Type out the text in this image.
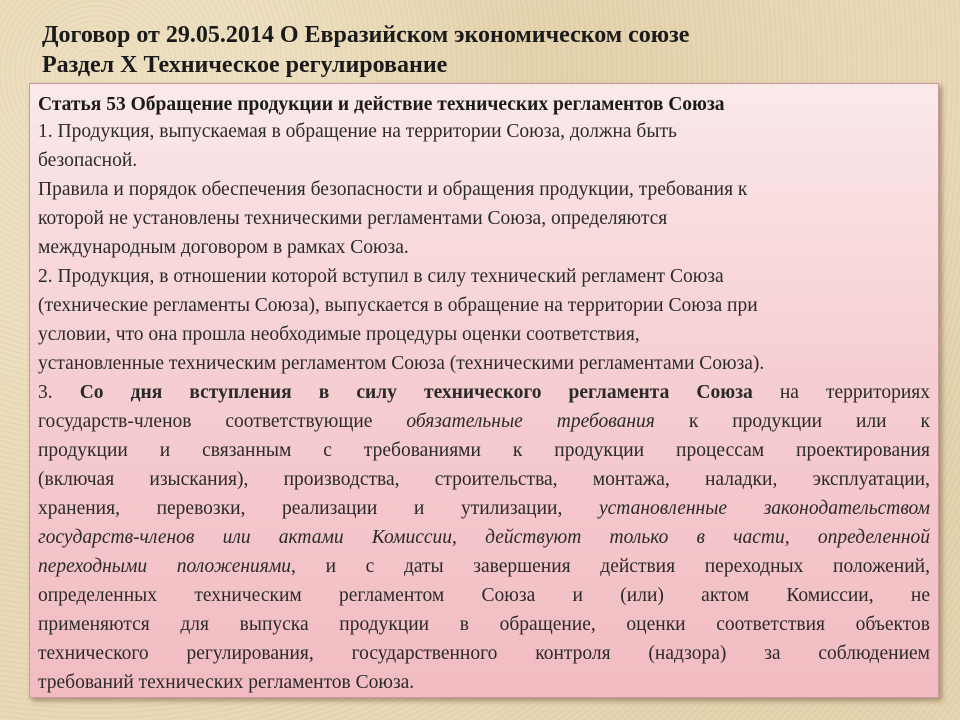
Договор от 29.05.2014 О Евразийском экономическом союзе
Раздел X Техническое регулирование
Статья 53 Обращение продукции и действие технических регламентов Союза
1. Продукция, выпускаемая в обращение на территории Союза, должна быть
безопасной.
Правила и порядок обеспечения безопасности и обращения продукции, требования к
которой не установлены техническими регламентами Союза, определяются
международным договором в рамках Союза.
2. Продукция, в отношении которой вступил в силу технический регламент Союза
(технические регламенты Союза), выпускается в обращение на территории Союза при
условии, что она прошла необходимые процедуры оценки соответствия,
установленные техническим регламентом Союза (техническими регламентами Союза).
3. Со дня вступления в силу технического регламента Союза на территориях
государств-членов соответствующие обязательные требования к продукции или к
продукции и связанным с требованиями к продукции процессам проектирования
(включая изыскания), производства, строительства, монтажа, наладки, эксплуатации,
хранения, перевозки, реализации и утилизации, установленные законодательством
государств-членов или актами Комиссии, действуют только в части, определенной
переходными положениями, и с даты завершения действия переходных положений,
определенных техническим регламентом Союза и (или) актом Комиссии, не
применяются для выпуска продукции в обращение, оценки соответствия объектов
технического регулирования, государственного контроля (надзора) за соблюдением
требований технических регламентов Союза.
